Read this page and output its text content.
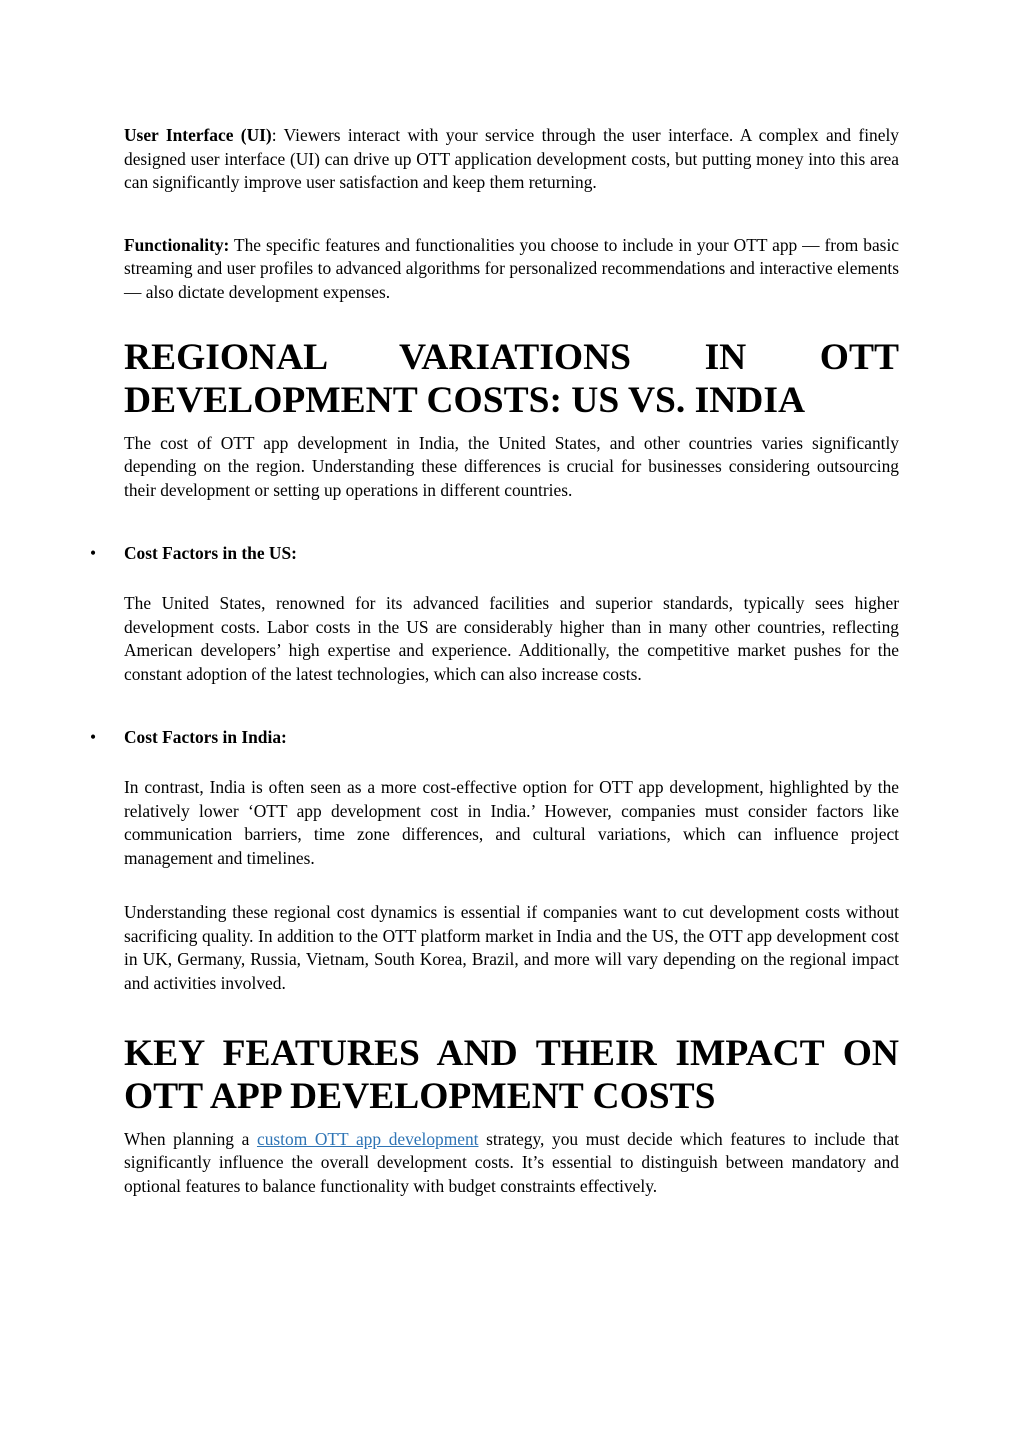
User Interface (UI): Viewers interact with your service through the user interface. A complex and finely designed user interface (UI) can drive up OTT application development costs, but putting money into this area can significantly improve user satisfaction and keep them returning.

Functionality: The specific features and functionalities you choose to include in your OTT app — from basic streaming and user profiles to advanced algorithms for personalized recommendations and interactive elements — also dictate development expenses.

REGIONAL VARIATIONS IN OTT
DEVELOPMENT COSTS: US VS. INDIA

The cost of OTT app development in India, the United States, and other countries varies significantly depending on the region. Understanding these differences is crucial for businesses considering outsourcing their development or setting up operations in different countries.

• Cost Factors in the US:

The United States, renowned for its advanced facilities and superior standards, typically sees higher development costs. Labor costs in the US are considerably higher than in many other countries, reflecting American developers’ high expertise and experience. Additionally, the competitive market pushes for the constant adoption of the latest technologies, which can also increase costs.

• Cost Factors in India:

In contrast, India is often seen as a more cost-effective option for OTT app development, highlighted by the relatively lower ‘OTT app development cost in India.’ However, companies must consider factors like communication barriers, time zone differences, and cultural variations, which can influence project management and timelines.

Understanding these regional cost dynamics is essential if companies want to cut development costs without sacrificing quality. In addition to the OTT platform market in India and the US, the OTT app development cost in UK, Germany, Russia, Vietnam, South Korea, Brazil, and more will vary depending on the regional impact and activities involved.

KEY FEATURES AND THEIR IMPACT ON
OTT APP DEVELOPMENT COSTS

When planning a custom OTT app development strategy, you must decide which features to include that significantly influence the overall development costs. It’s essential to distinguish between mandatory and optional features to balance functionality with budget constraints effectively.
